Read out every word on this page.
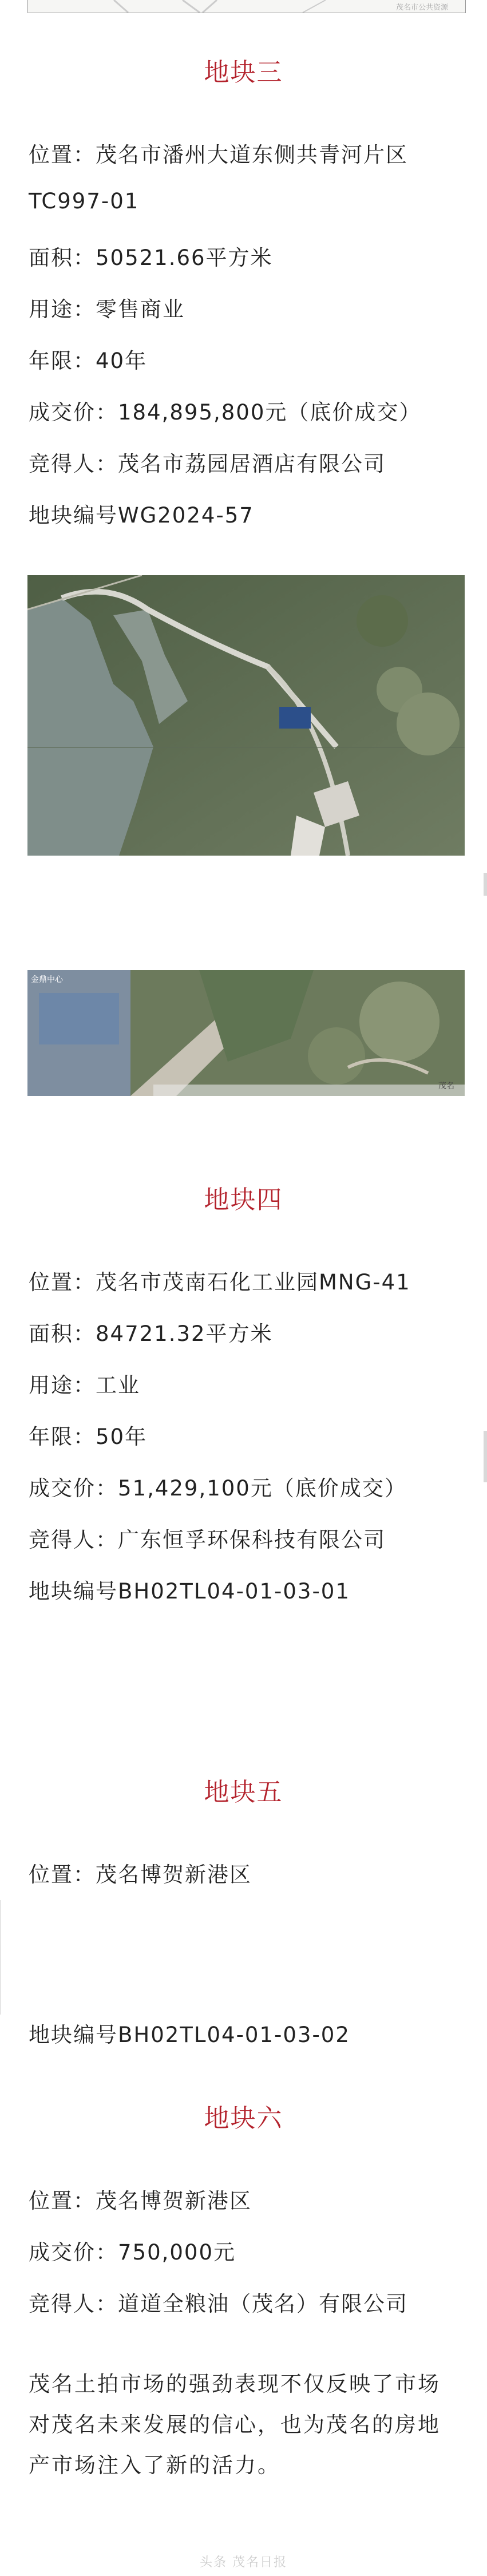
茂名市公共资源
地块三
位置：茂名市潘州大道东侧共青河片区
TC997-01
面积：50521.66平方米
用途：零售商业
年限：40年
成交价：184,895,800元（底价成交）
竞得人：茂名市荔园居酒店有限公司
地块编号WG2024-57
金鼎中心
茂名
地块四
位置：茂名市茂南石化工业园MNG-41
面积：84721.32平方米
用途：工业
年限：50年
成交价：51,429,100元（底价成交）
竞得人：广东恒孚环保科技有限公司
地块编号BH02TL04-01-03-01
地块五
位置：茂名博贺新港区
地块编号BH02TL04-01-03-02
地块六
位置：茂名博贺新港区
成交价：750,000元
竞得人：道道全粮油（茂名）有限公司
茂名土拍市场的强劲表现不仅反映了市场对茂名未来发展的信心，也为茂名的房地产市场注入了新的活力。
头条 茂名日报
